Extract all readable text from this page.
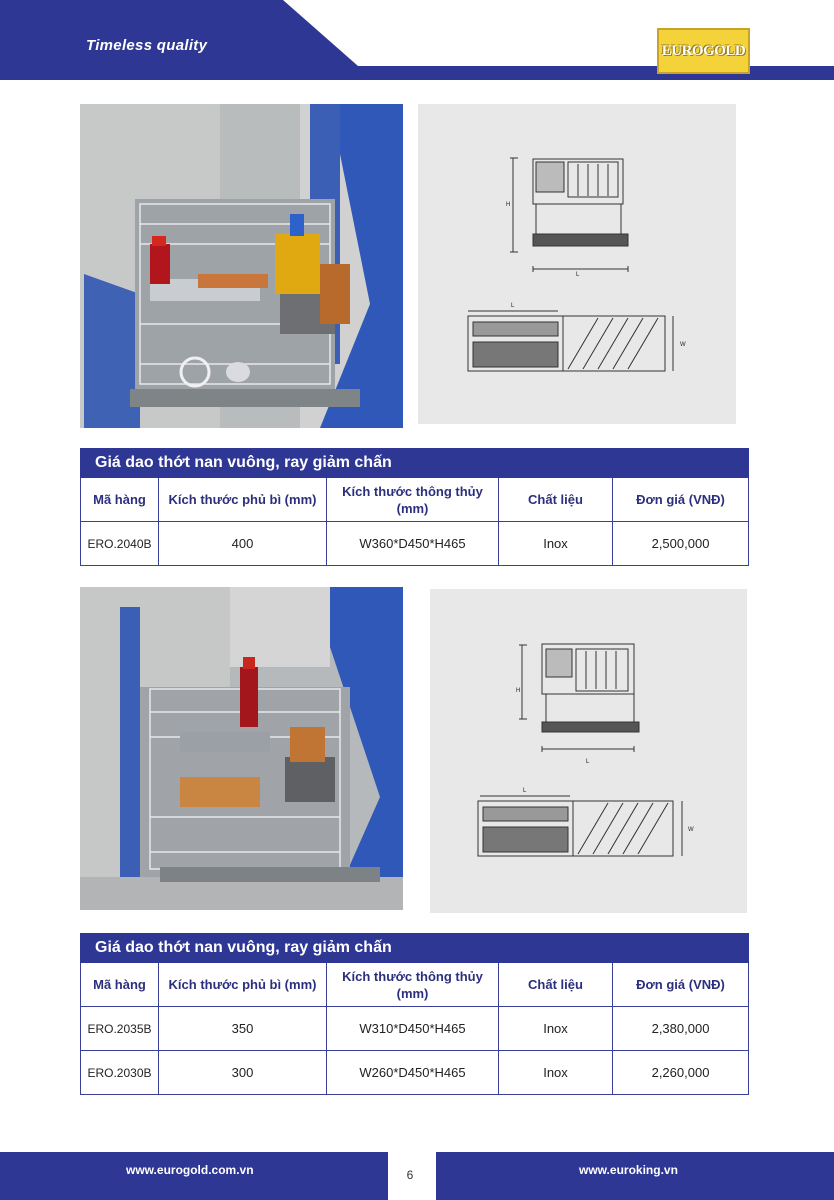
Timeless quality	EUROGOLD
H
L
L
W
Giá dao thớt nan vuông, ray giảm chấn				
Mã hàng	Kích thước phủ bì (mm)	Kích thước thông thủy (mm)	Chất liệu	Đơn giá (VNĐ)
ERO.2040B	400	W360*D450*H465	Inox	2,500,000
H
L
L
W
Giá dao thớt nan vuông, ray giảm chấn				
Mã hàng	Kích thước phủ bì (mm)	Kích thước thông thủy (mm)	Chất liệu	Đơn giá (VNĐ)
ERO.2035B	350	W310*D450*H465	Inox	2,380,000
ERO.2030B	300	W260*D450*H465	Inox	2,260,000
www.eurogold.com.vn	www.euroking.vn
6
